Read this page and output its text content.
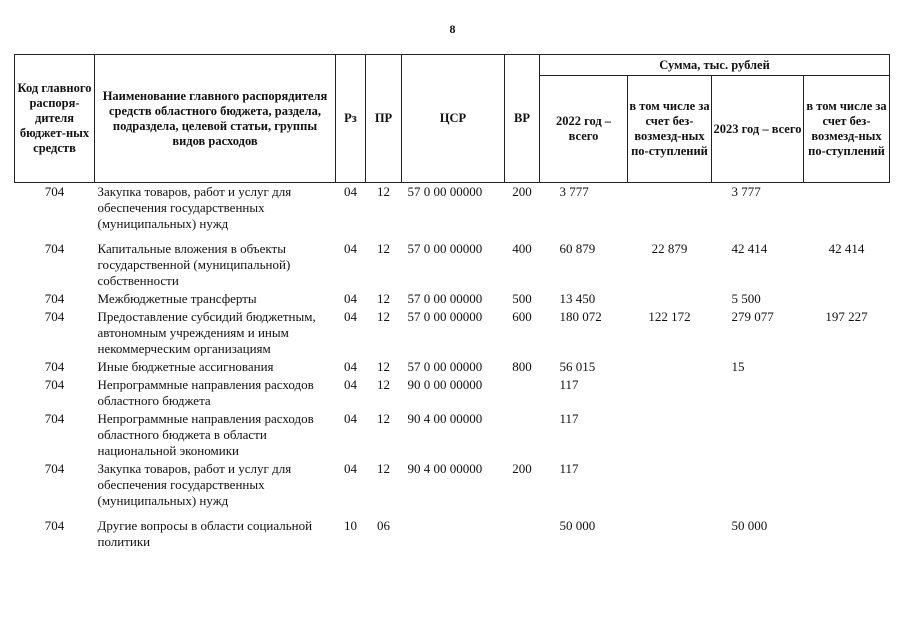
8
Код главного распоря-дителя бюджет-ных средств	Наименование главного распорядителя средств областного бюджета, раздела, подраздела, целевой статьи, группы видов расходов	Рз	ПР	ЦСР	ВР	Сумма, тыс. рублей			
						2022 год – всего	в том числе за счет без-возмезд-ных по-ступлений	2023 год – всего	в том числе за счет без-возмезд-ных по-ступлений
704	Закупка товаров, работ и услуг для обеспечения государственных (муниципальных) нужд	04	12	57 0 00 00000	200	3 777		3 777	
704	Капитальные вложения в объекты государственной (муниципальной) собственности	04	12	57 0 00 00000	400	60 879	22 879	42 414	42 414
704	Межбюджетные трансферты	04	12	57 0 00 00000	500	13 450		5 500	
704	Предоставление субсидий бюджетным, автономным учреждениям и иным некоммерческим организациям	04	12	57 0 00 00000	600	180 072	122 172	279 077	197 227
704	Иные бюджетные ассигнования	04	12	57 0 00 00000	800	56 015		15	
704	Непрограммные направления расходов областного бюджета	04	12	90 0 00 00000		117			
704	Непрограммные направления расходов областного бюджета в области национальной экономики	04	12	90 4 00 00000		117			
704	Закупка товаров, работ и услуг для обеспечения государственных (муниципальных) нужд	04	12	90 4 00 00000	200	117			
704	Другие вопросы в области социальной политики	10	06			50 000		50 000	
